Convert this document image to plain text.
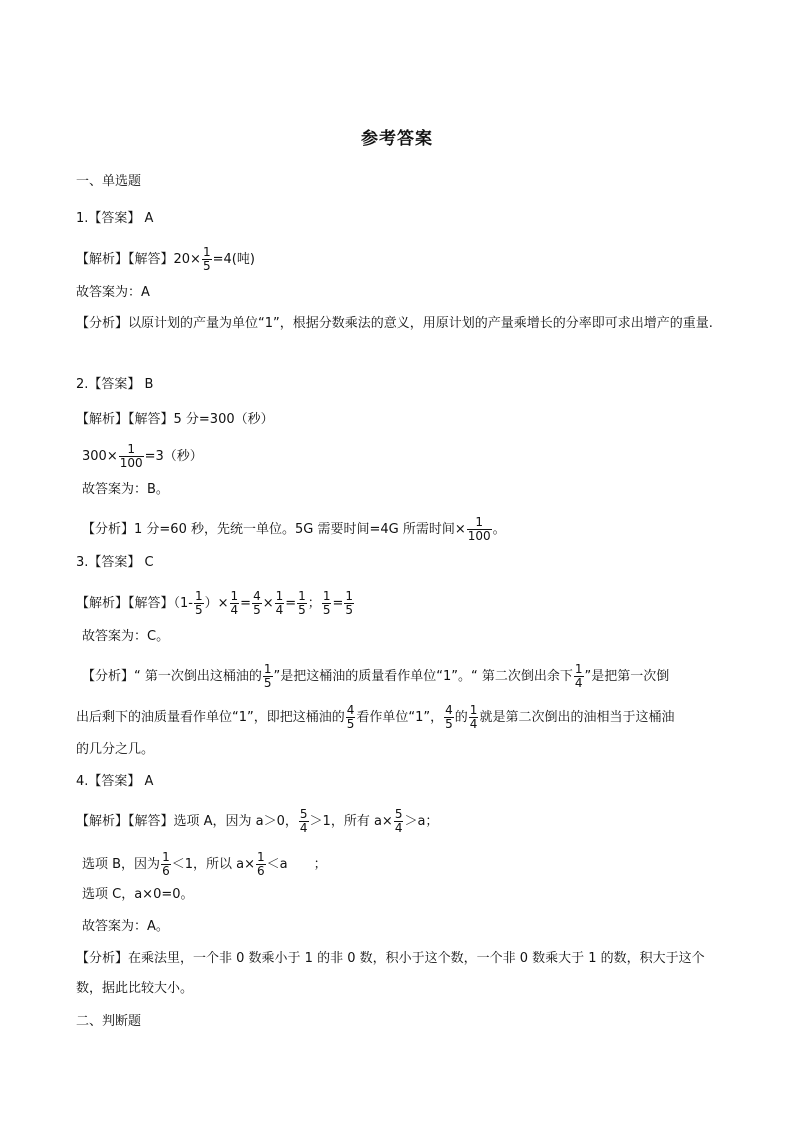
参考答案
一、单选题
1.【答案】 A
【解析】【解答】$20\times \frac{1}{5} =4$(吨)
故答案为：A
【分析】以原计划的产量为单位“1”，根据分数乘法的意义，用原计划的产量乘增长的分率即可求出增产的重量.
2.【答案】 B
【解析】【解答】5 分=300（秒）
$300\times \frac{1}{100} =3$（秒）
故答案为：B。
【分析】1 分=60 秒，先统一单位。5G 需要时间=4G 所需时间× $\frac{1}{100}$ 。
3.【答案】 C
【解析】【解答】（$1- \frac{1}{5}$ ）× $\frac{1}{4} = \frac{4}{5} \times \frac{1}{4} = \frac{1}{5}$ ； $\frac{1}{5} = \frac{1}{5}$
故答案为：C。
【分析】“ 第一次倒出这桶油的 $\frac{1}{5}$ ”是把这桶油的质量看作单位“1”。“ 第二次倒出余下 $\frac{1}{4}$ ”是把第一次倒
出后剩下的油质量看作单位“1”，即把这桶油的 $\frac{4}{5}$ 看作单位“1”， $\frac{4}{5}$ 的 $\frac{1}{4}$ 就是第二次倒出的油相当于这桶油
的几分之几。
4.【答案】 A
【解析】【解答】选项 A，因为 a＞0， $\frac{5}{4} >1$，所有 $a\times \frac{5}{4} >a$；
选项 B，因为 $\frac{1}{6} <1$，所以 $a\times \frac{1}{6} <a$ ；
选项 C，a×0=0。
故答案为：A。
【分析】在乘法里，一个非 0 数乘小于 1 的非 0 数，积小于这个数，一个非 0 数乘大于 1 的数，积大于这个数，据此比较大小。
二、判断题
